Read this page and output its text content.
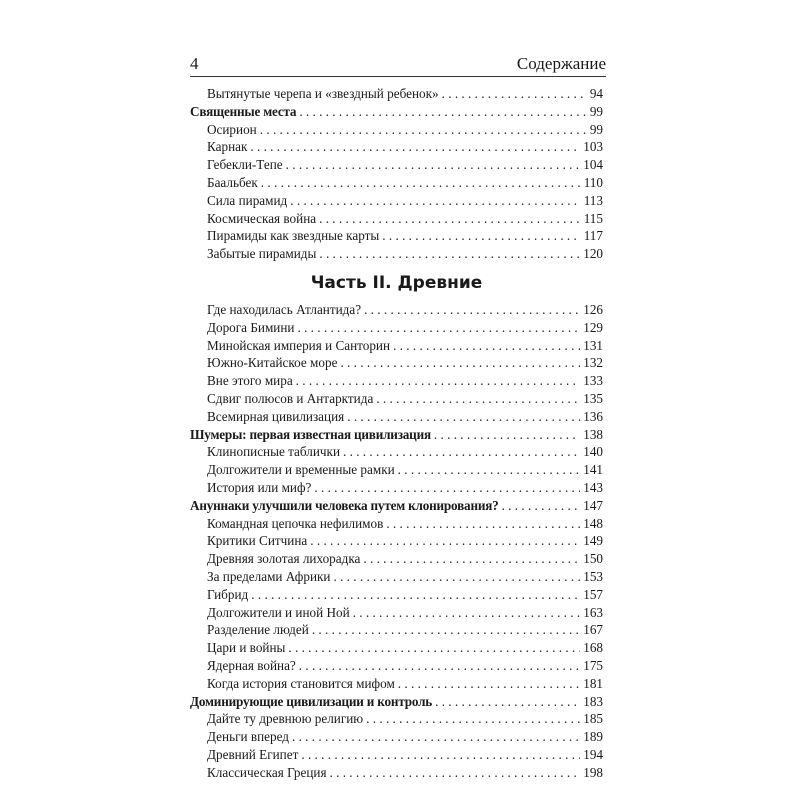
4	Содержание
Вытянутые черепа и «звездный ребенок» . . .	94
Священные места . . .	99
Осирион . . .	99
Карнак . . .	103
Гебекли-Тепе . . .	104
Баальбек . . .	110
Сила пирамид . . .	113
Космическая война . . .	115
Пирамиды как звездные карты . . .	117
Забытые пирамиды . . .	120
Часть II. Древние
Где находилась Атлантида? . . .	126
Дорога Бимини . . .	129
Минойская империя и Санторин . . .	131
Южно-Китайское море . . .	132
Вне этого мира . . .	133
Сдвиг полюсов и Антарктида . . .	135
Всемирная цивилизация . . .	136
Шумеры: первая известная цивилизация . . .	138
Клинописные таблички . . .	140
Долгожители и временные рамки . . .	141
История или миф? . . .	143
Ануннаки улучшили человека путем клонирования? . . .	147
Командная цепочка нефилимов . . .	148
Критики Ситчина . . .	149
Древняя золотая лихорадка . . .	150
За пределами Африки . . .	153
Гибрид . . .	157
Долгожители и иной Ной . . .	163
Разделение людей . . .	167
Цари и войны . . .	168
Ядерная война? . . .	175
Когда история становится мифом . . .	181
Доминирующие цивилизации и контроль . . .	183
Дайте ту древнюю религию . . .	185
Деньги вперед . . .	189
Древний Египет . . .	194
Классическая Греция . . .	198
